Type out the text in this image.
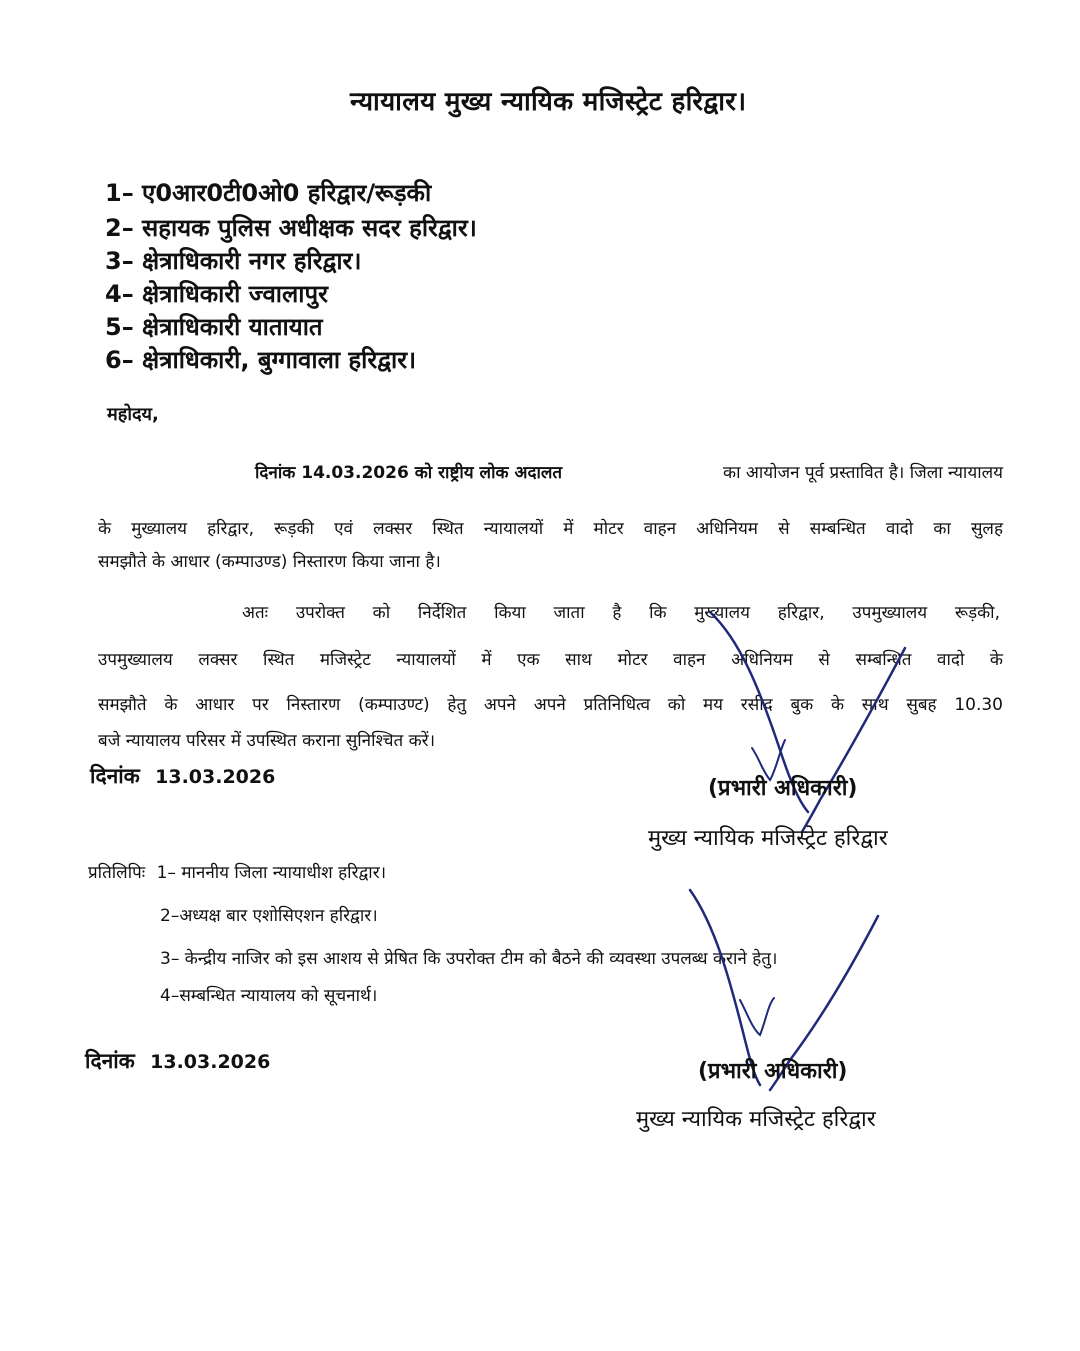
न्यायालय मुख्य न्यायिक मजिस्ट्रेट हरिद्वार।
1– ए0आर0टी0ओ0 हरिद्वार/रूड़की
2– सहायक पुलिस अधीक्षक सदर हरिद्वार।
3– क्षेत्राधिकारी नगर हरिद्वार।
4– क्षेत्राधिकारी ज्वालापुर
5– क्षेत्राधिकारी यातायात
6– क्षेत्राधिकारी, बुग्गावाला हरिद्वार।
महोदय,
दिनांक 14.03.2026 को राष्ट्रीय लोक अदालत	का आयोजन पूर्व प्रस्तावित है। जिला न्यायालय
के मुख्यालय हरिद्वार, रूड़की एवं लक्सर स्थित न्यायालयों में मोटर वाहन अधिनियम से सम्बन्धित वादो का सुलह
समझौते के आधार (कम्पाउण्ड) निस्तारण किया जाना है।
अतः उपरोक्त को निर्देशित किया जाता है कि मुख्यालय हरिद्वार, उपमुख्यालय रूड़की,
उपमुख्यालय लक्सर स्थित मजिस्ट्रेट न्यायालयों में एक साथ मोटर वाहन अधिनियम से सम्बन्धित वादो के
समझौते के आधार पर निस्तारण (कम्पाउण्ट) हेतु अपने अपने प्रतिनिधित्व को मय रसीद बुक के साथ सुबह 10.30
बजे न्यायालय परिसर में उपस्थित कराना सुनिश्चित करें।
दिनांक 13.03.2026	(प्रभारी अधिकारी)
मुख्य न्यायिक मजिस्ट्रेट हरिद्वार
प्रतिलिपिः 1– माननीय जिला न्यायाधीश हरिद्वार।
2–अध्यक्ष बार एशोसिएशन हरिद्वार।
3– केन्द्रीय नाजिर को इस आशय से प्रेषित कि उपरोक्त टीम को बैठने की व्यवस्था उपलब्ध कराने हेतु।
4–सम्बन्धित न्यायालय को सूचनार्थ।
दिनांक 13.03.2026	(प्रभारी अधिकारी)
मुख्य न्यायिक मजिस्ट्रेट हरिद्वार
